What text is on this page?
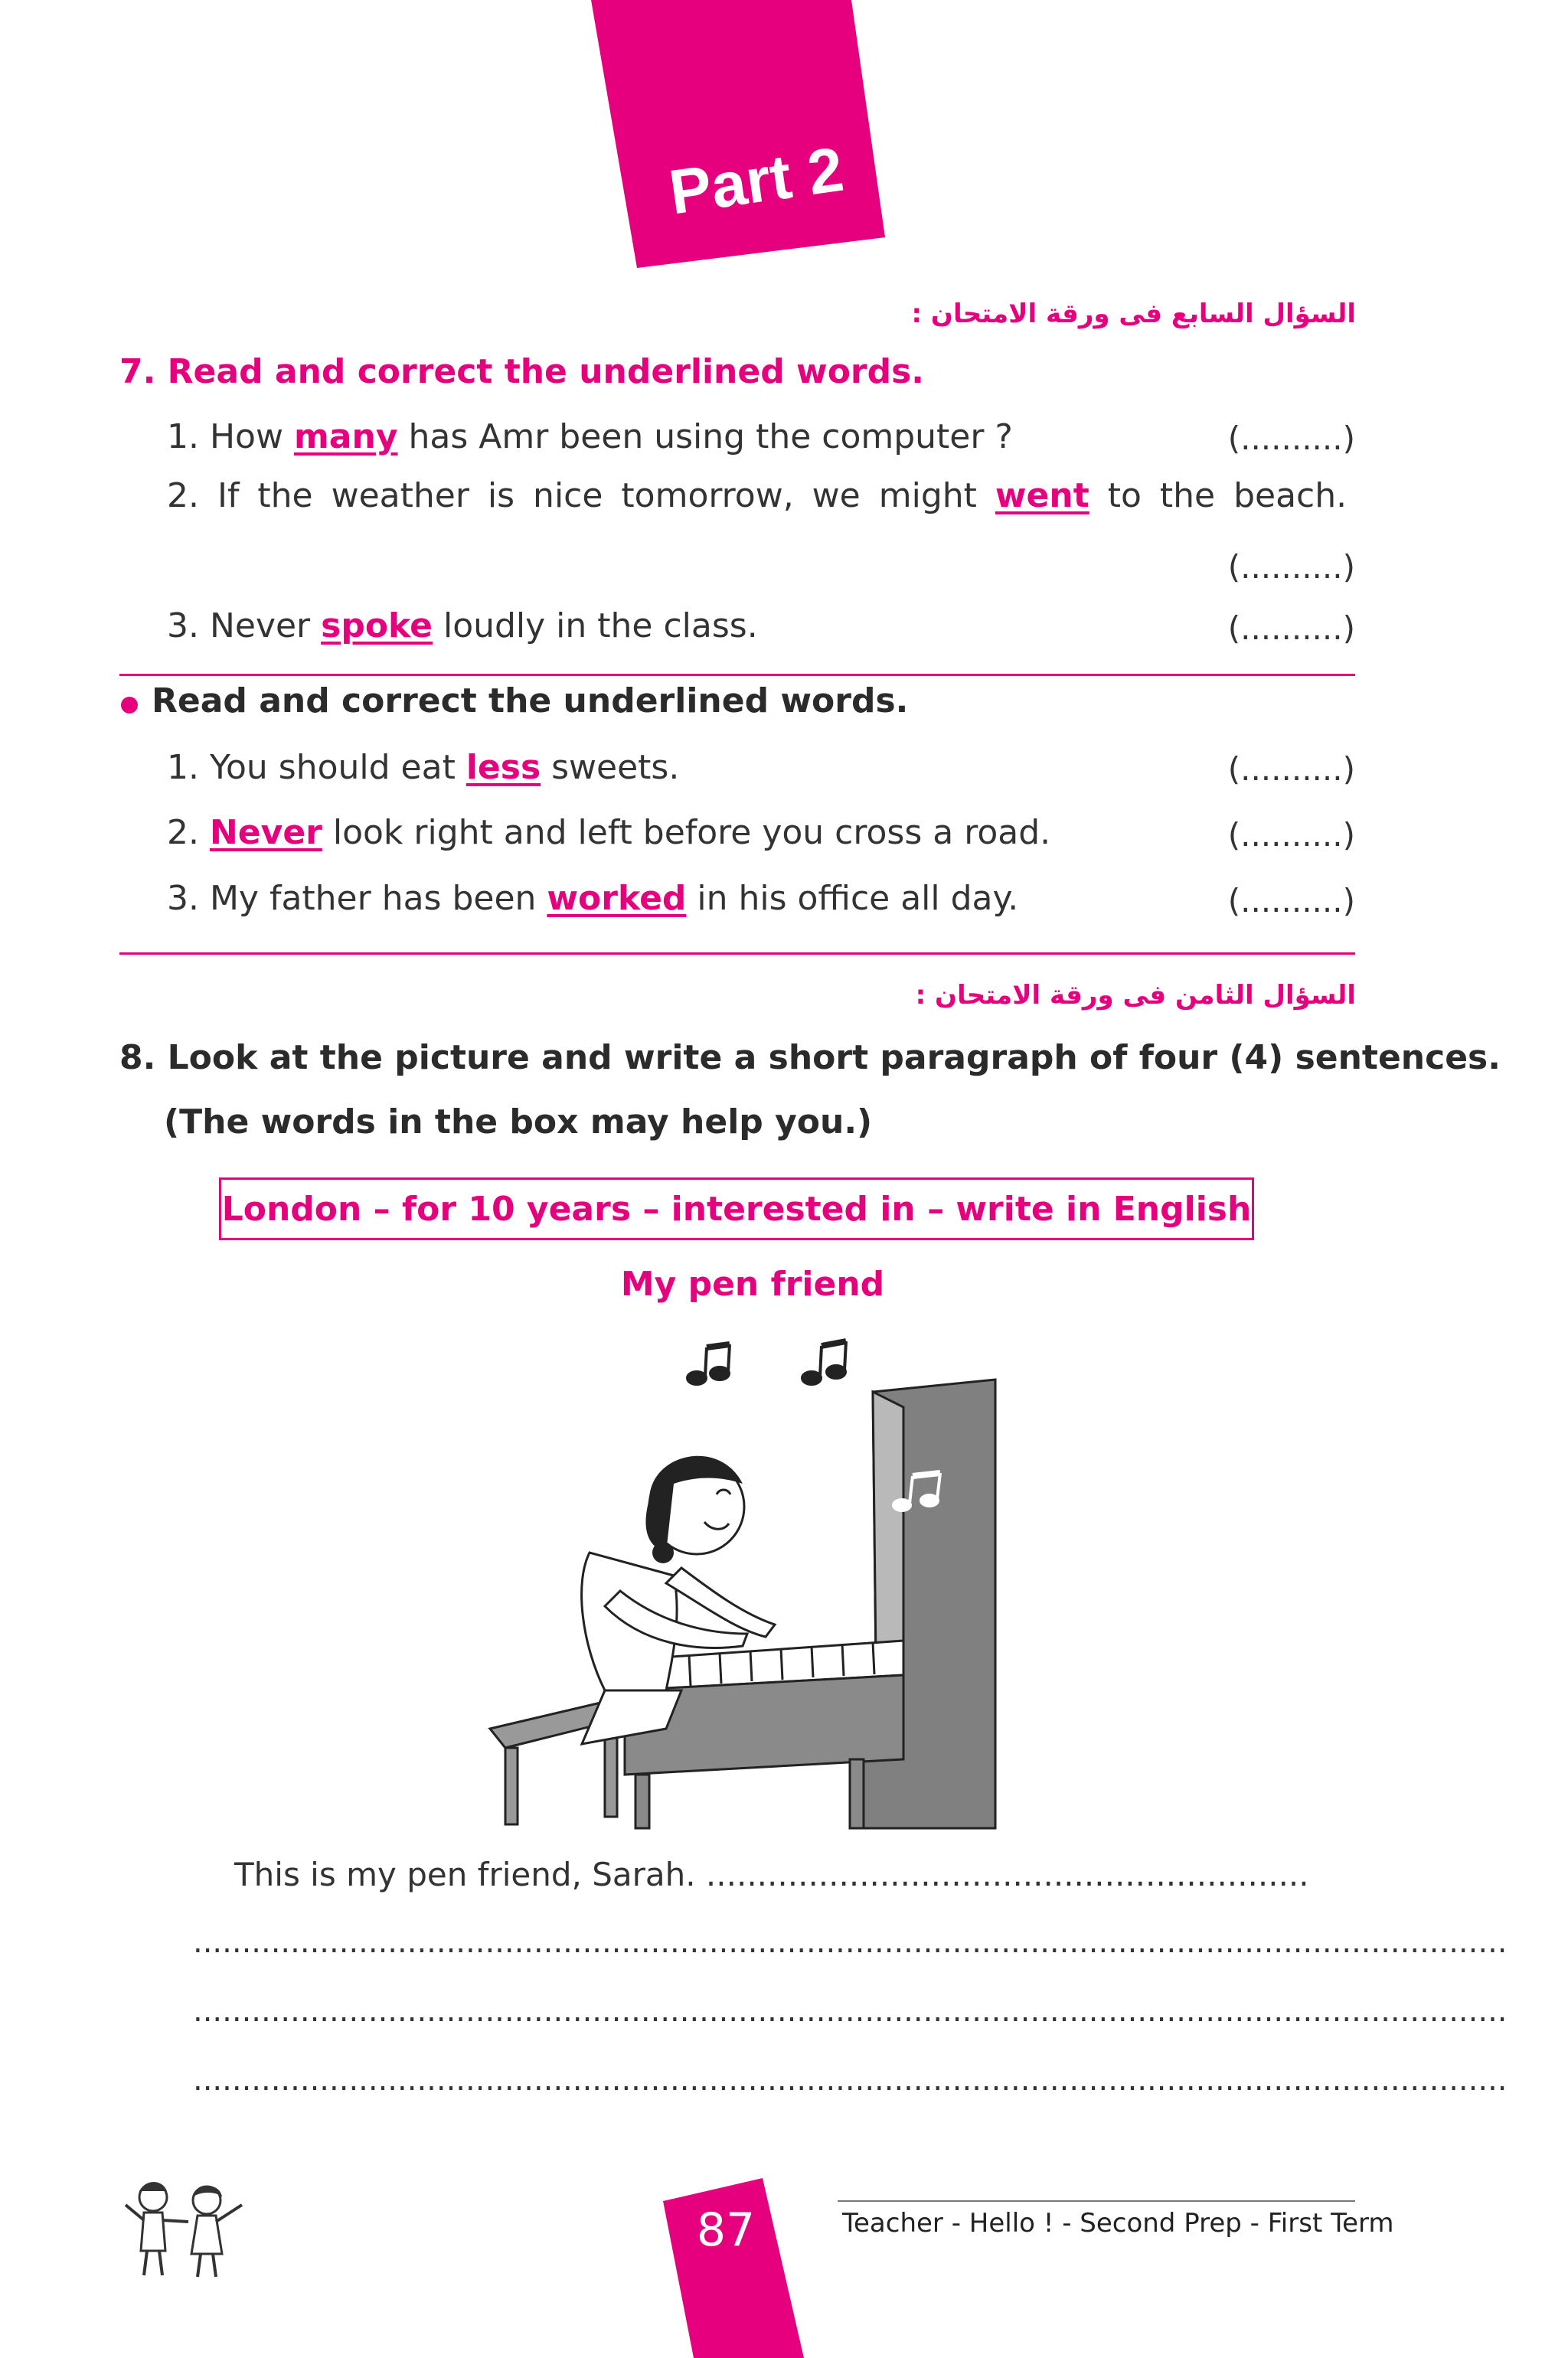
Part 2
السؤال السابع فى ورقة الامتحان :
7. Read and correct the underlined words.
1. How many has Amr been using the computer ?	(..........)
2. If the weather is nice tomorrow, we might went to the beach.
(..........)
3. Never spoke loudly in the class.	(..........)
Read and correct the underlined words.
1. You should eat less sweets.	(..........)
2. Never look right and left before you cross a road.	(..........)
3. My father has been worked in his office all day.	(..........)
السؤال الثامن فى ورقة الامتحان :
8. Look at the picture and write a short paragraph of four (4) sentences.
(The words in the box may help you.)
London – for 10 years – interested in – write in English
My pen friend
This is my pen friend, Sarah. ...........................................................
.......................................................................................................................................
.......................................................................................................................................
.......................................................................................................................................
87	Teacher - Hello ! - Second Prep - First Term
